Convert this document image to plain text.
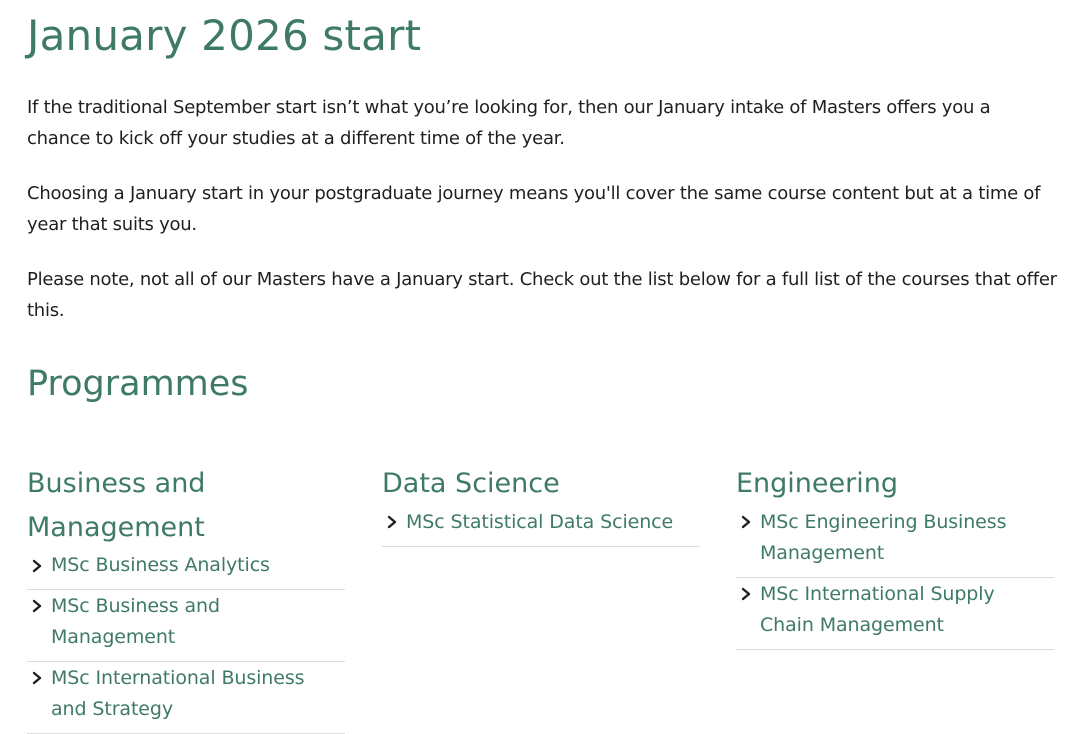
January 2026 start

If the traditional September start isn’t what you’re looking for, then our January intake of Masters offers you a chance to kick off your studies at a different time of the year.

Choosing a January start in your postgraduate journey means you'll cover the same course content but at a time of year that suits you.

Please note, not all of our Masters have a January start. Check out the list below for a full list of the courses that offer this.

Programmes
Business and Management
MSc Business Analytics
MSc Business and Management
MSc International Business and Strategy
Data Science
MSc Statistical Data Science
Engineering
MSc Engineering Business Management
MSc International Supply Chain Management
